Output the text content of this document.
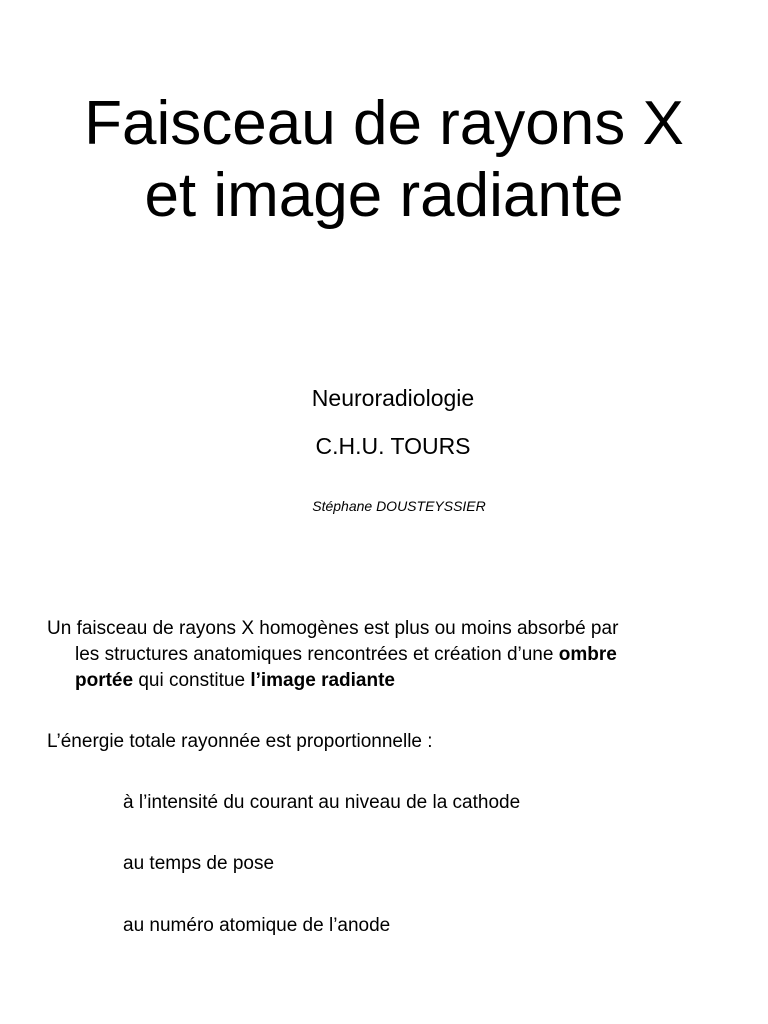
Faisceau de rayons X
et image radiante

Neuroradiologie

C.H.U. TOURS

Stéphane DOUSTEYSSIER

Un faisceau de rayons X homogènes est plus ou moins absorbé par

les structures anatomiques rencontrées et création d’une ombre
portée qui constitue l’image radiante

L’énergie totale rayonnée est proportionnelle :

à l’intensité du courant au niveau de la cathode

au temps de pose

au numéro atomique de l’anode
